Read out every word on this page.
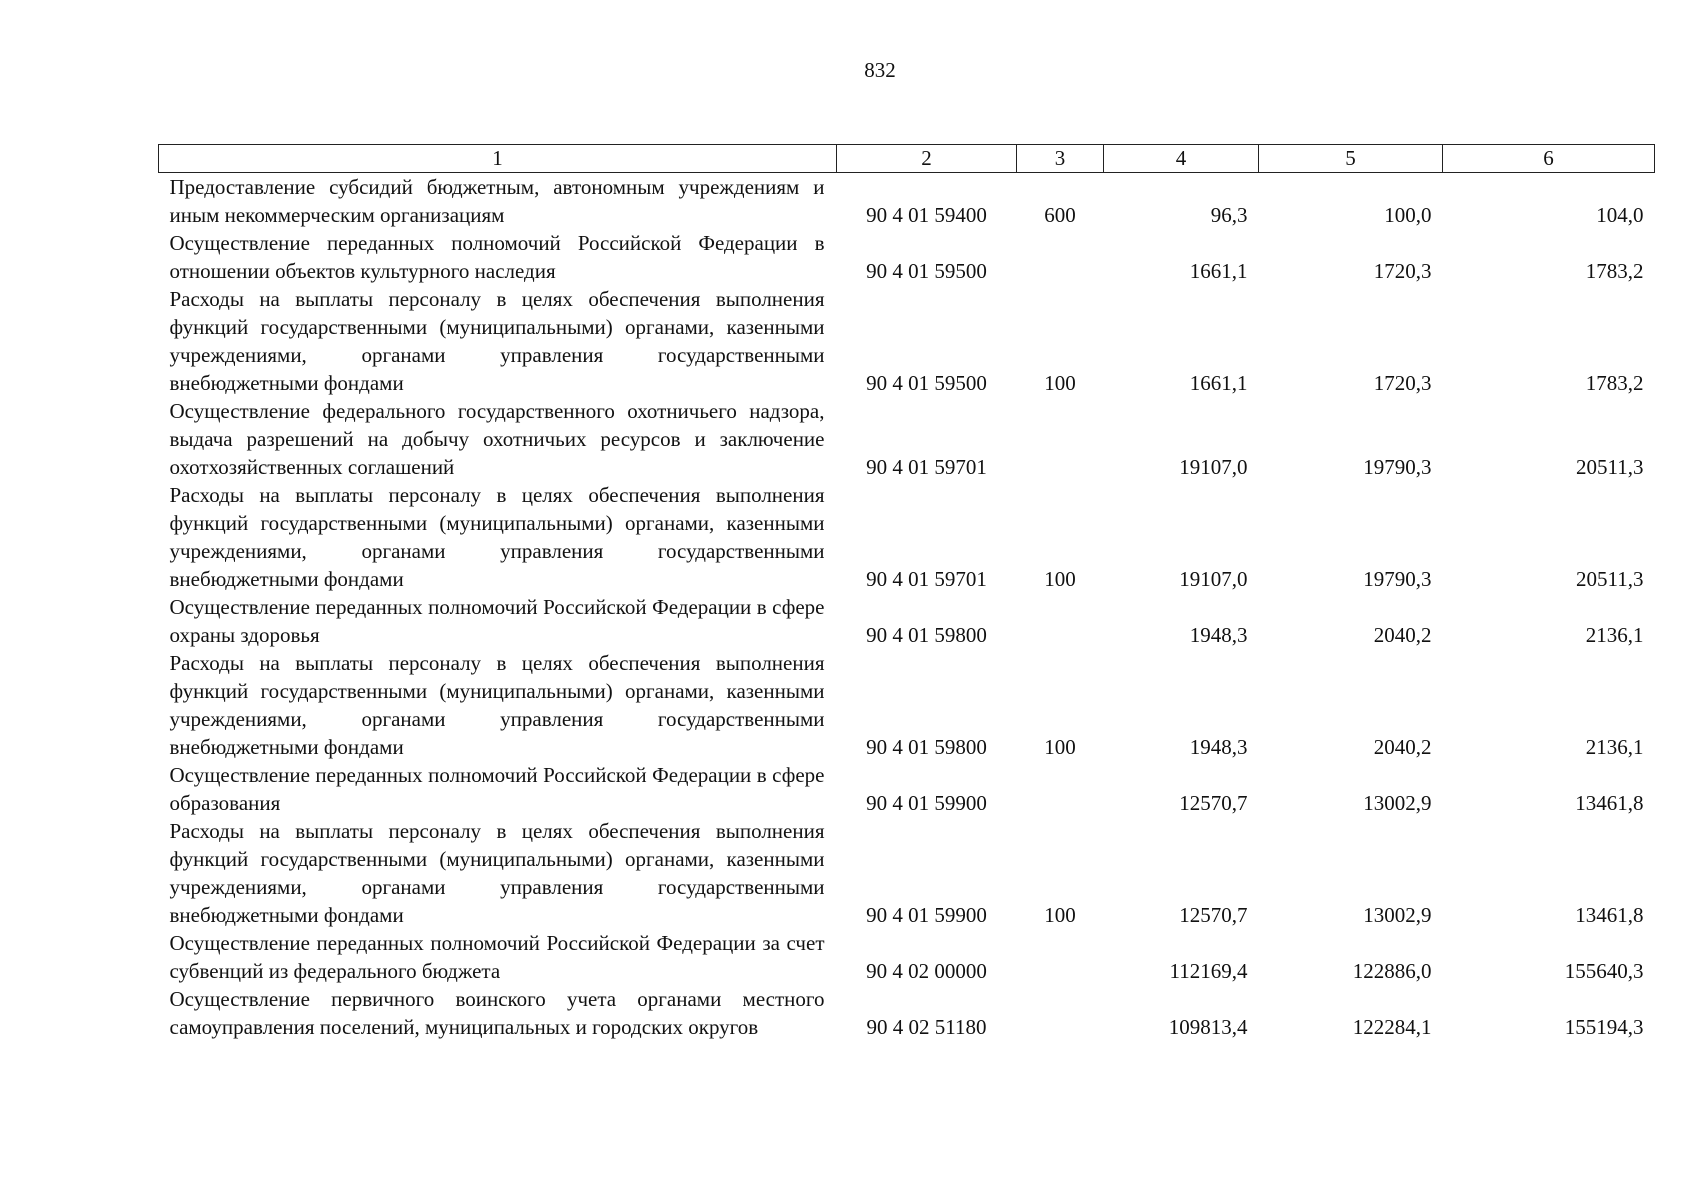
832
1	2	3	4	5	6
Предоставление субсидий бюджетным, автономным учреждениям и иным некоммерческим организациям	90 4 01 59400	600	96,3	100,0	104,0
Осуществление переданных полномочий Российской Федерации в отношении объектов культурного наследия	90 4 01 59500		1661,1	1720,3	1783,2
Расходы на выплаты персоналу в целях обеспечения выполнения функций государственными (муниципальными) органами, казенными учреждениями, органами управления государственными внебюджетными фондами	90 4 01 59500	100	1661,1	1720,3	1783,2
Осуществление федерального государственного охотничьего надзора, выдача разрешений на добычу охотничьих ресурсов и заключение охотхозяйственных соглашений	90 4 01 59701		19107,0	19790,3	20511,3
Расходы на выплаты персоналу в целях обеспечения выполнения функций государственными (муниципальными) органами, казенными учреждениями, органами управления государственными внебюджетными фондами	90 4 01 59701	100	19107,0	19790,3	20511,3
Осуществление переданных полномочий Российской Федерации в сфере охраны здоровья	90 4 01 59800		1948,3	2040,2	2136,1
Расходы на выплаты персоналу в целях обеспечения выполнения функций государственными (муниципальными) органами, казенными учреждениями, органами управления государственными внебюджетными фондами	90 4 01 59800	100	1948,3	2040,2	2136,1
Осуществление переданных полномочий Российской Федерации в сфере образования	90 4 01 59900		12570,7	13002,9	13461,8
Расходы на выплаты персоналу в целях обеспечения выполнения функций государственными (муниципальными) органами, казенными учреждениями, органами управления государственными внебюджетными фондами	90 4 01 59900	100	12570,7	13002,9	13461,8
Осуществление переданных полномочий Российской Федерации за счет субвенций из федерального бюджета	90 4 02 00000		112169,4	122886,0	155640,3
Осуществление первичного воинского учета органами местного самоуправления поселений, муниципальных и городских округов	90 4 02 51180		109813,4	122284,1	155194,3
